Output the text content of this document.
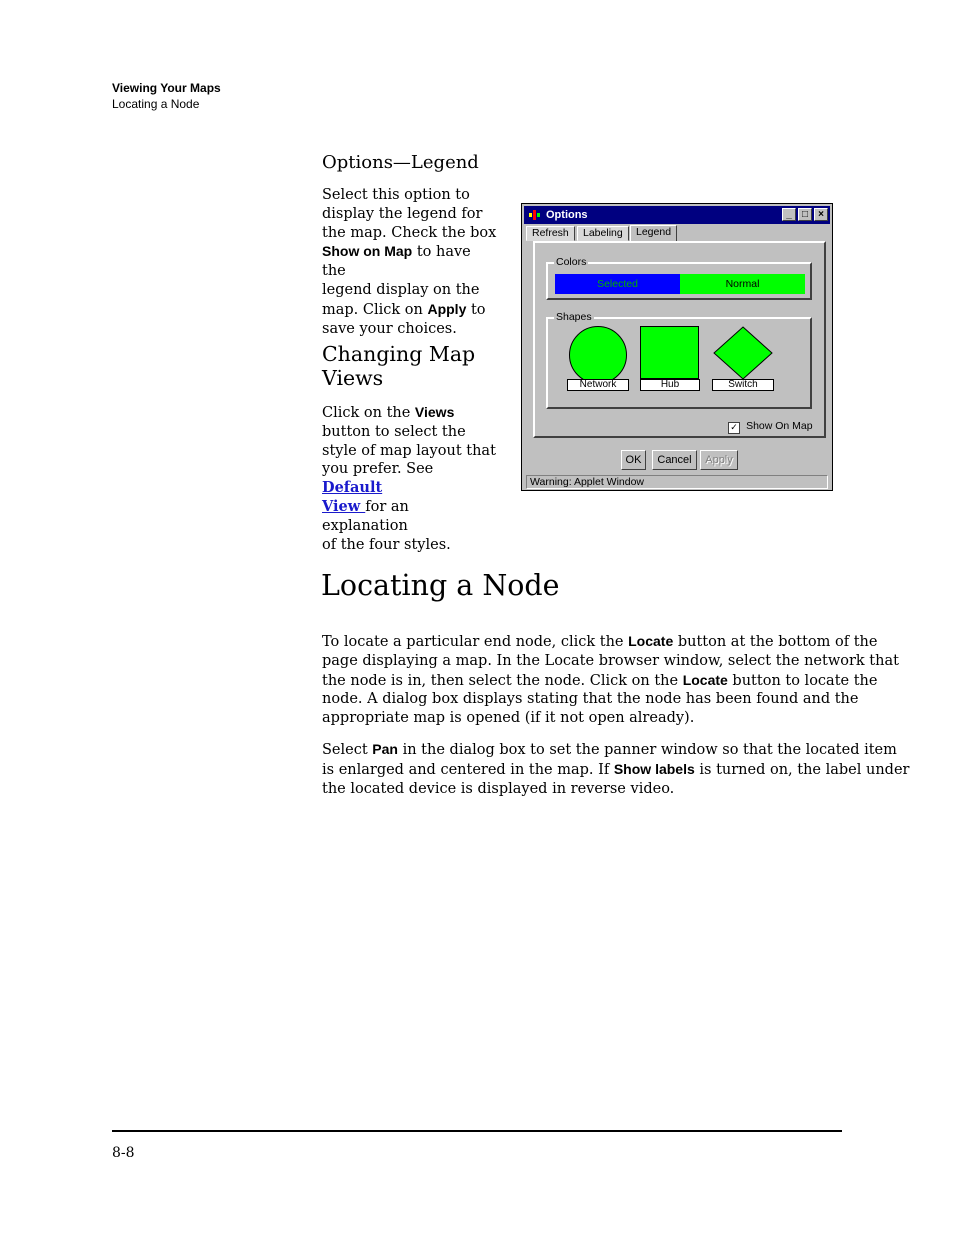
Viewing Your Maps
Locating a Node
Options—Legend
Select this option to
display the legend for
the map. Check the box
Show on Map to have the
legend display on the
map. Click on Apply to
save your choices.
Changing Map
Views
Click on the Views
button to select the
style of map layout that
you prefer. See Default
View for an explanation
of the four styles.
Options	_	□	×
Refresh	Labeling	Legend
Colors
Selected	Normal
Shapes
Network	Hub	Switch
✓ Show On Map
OK	Cancel	Apply
Warning: Applet Window
Locating a Node
To locate a particular end node, click the Locate button at the bottom of the
page displaying a map. In the Locate browser window, select the network that
the node is in, then select the node. Click on the Locate button to locate the
node. A dialog box displays stating that the node has been found and the
appropriate map is opened (if it not open already).
Select Pan in the dialog box to set the panner window so that the located item
is enlarged and centered in the map. If Show labels is turned on, the label under
the located device is displayed in reverse video.
8-8
